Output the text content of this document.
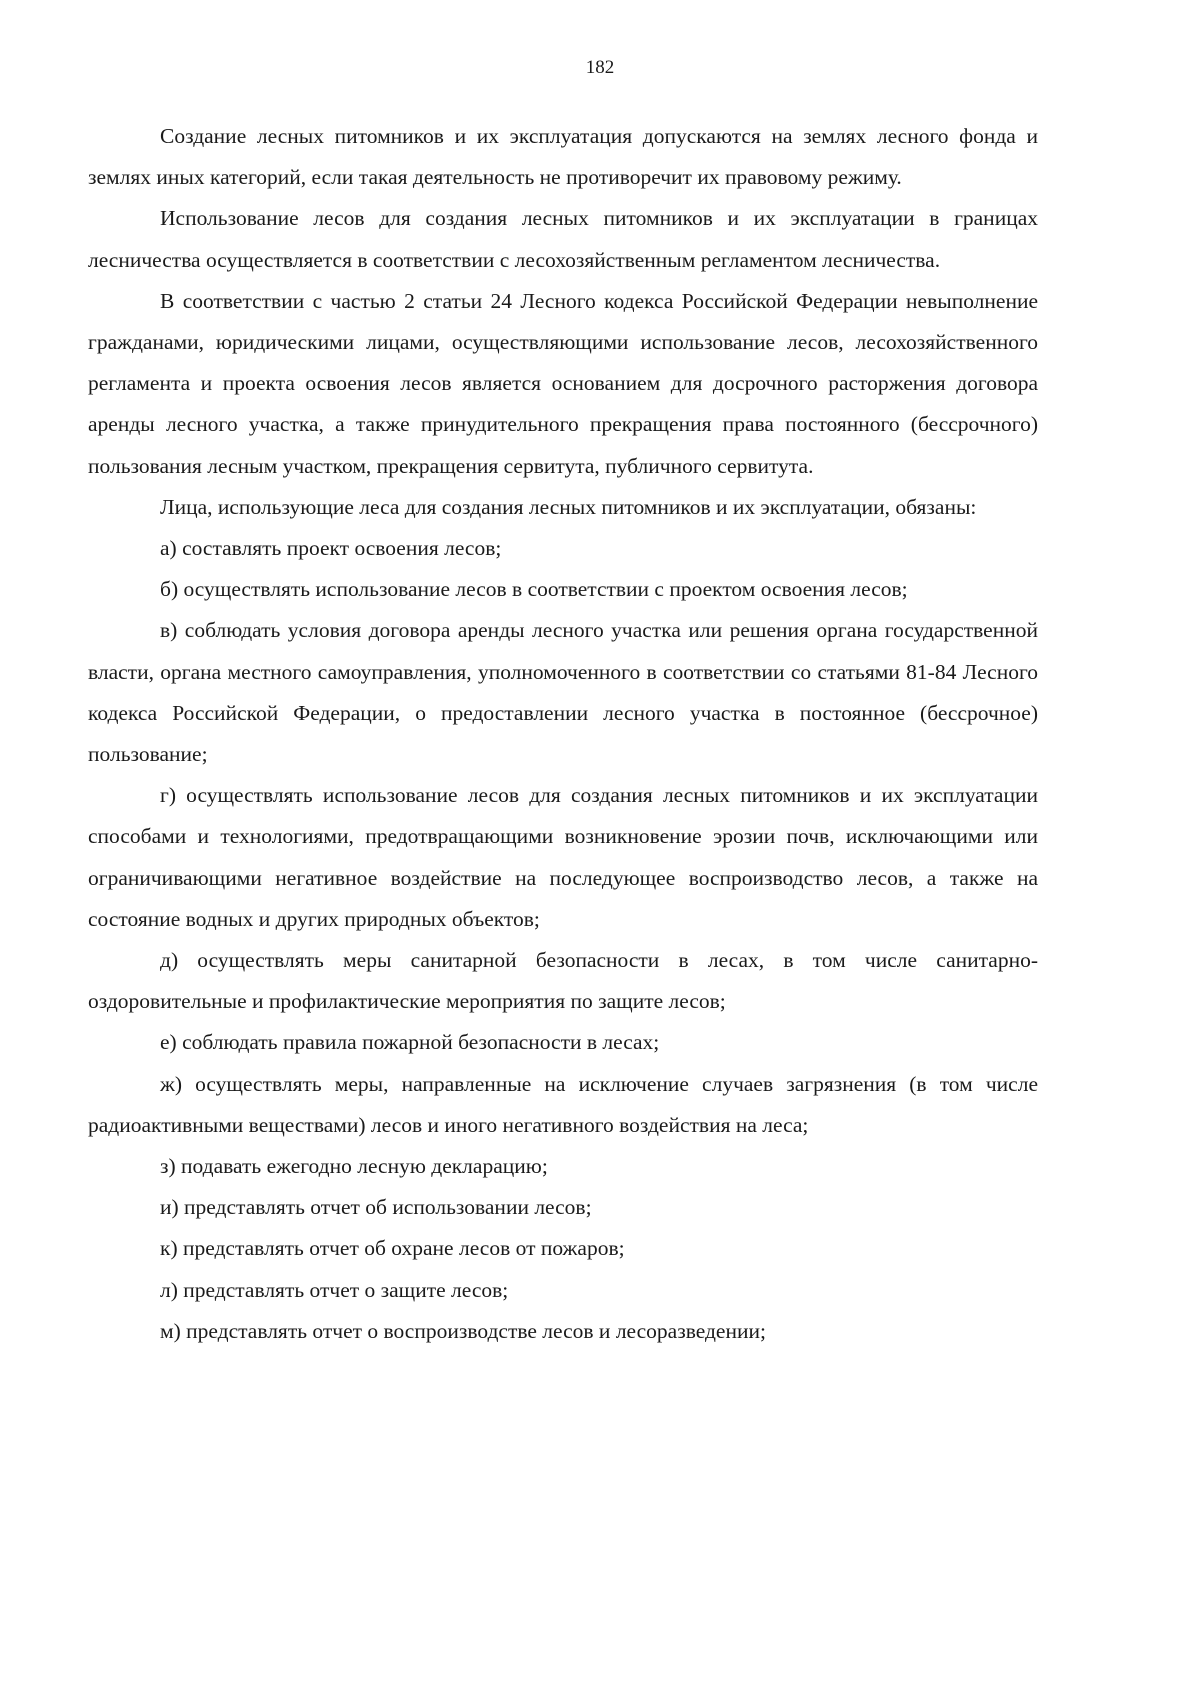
182

Создание лесных питомников и их эксплуатация допускаются на землях лесного фонда и землях иных категорий, если такая деятельность не противоречит их правовому режиму.

Использование лесов для создания лесных питомников и их эксплуатации в границах лесничества осуществляется в соответствии с лесохозяйственным регламентом лесничества.

В соответствии с частью 2 статьи 24 Лесного кодекса Российской Федерации невыполнение гражданами, юридическими лицами, осуществляющими использование лесов, лесохозяйственного регламента и проекта освоения лесов является основанием для досрочного расторжения договора аренды лесного участка, а также принудительного прекращения права постоянного (бессрочного) пользования лесным участком, прекращения сервитута, публичного сервитута.

Лица, использующие леса для создания лесных питомников и их эксплуатации, обязаны:

а) составлять проект освоения лесов;

б) осуществлять использование лесов в соответствии с проектом освоения лесов;

в) соблюдать условия договора аренды лесного участка или решения органа государственной власти, органа местного самоуправления, уполномоченного в соответствии со статьями 81-84 Лесного кодекса Российской Федерации, о предоставлении лесного участка в постоянное (бессрочное) пользование;

г) осуществлять использование лесов для создания лесных питомников и их эксплуатации способами и технологиями, предотвращающими возникновение эрозии почв, исключающими или ограничивающими негативное воздействие на последующее воспроизводство лесов, а также на состояние водных и других природных объектов;

д) осуществлять меры санитарной безопасности в лесах, в том числе санитарно-оздоровительные и профилактические мероприятия по защите лесов;

е) соблюдать правила пожарной безопасности в лесах;

ж) осуществлять меры, направленные на исключение случаев загрязнения (в том числе радиоактивными веществами) лесов и иного негативного воздействия на леса;

з) подавать ежегодно лесную декларацию;

и) представлять отчет об использовании лесов;

к) представлять отчет об охране лесов от пожаров;

л) представлять отчет о защите лесов;

м) представлять отчет о воспроизводстве лесов и лесоразведении;
